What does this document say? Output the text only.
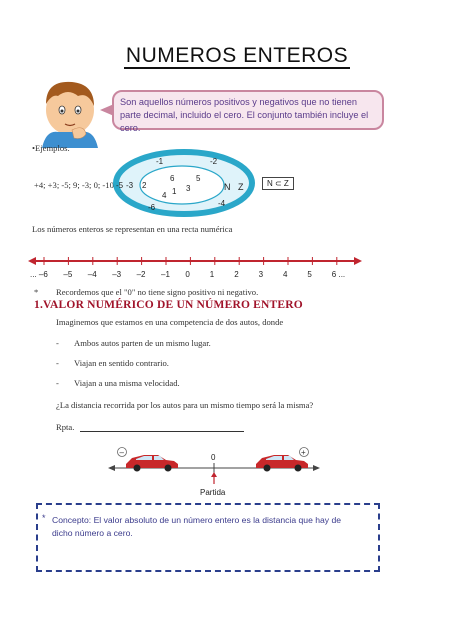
NUMEROS ENTEROS
Son aquellos números positivos y negativos que no tienen parte decimal, incluido el cero. El conjunto también incluye el cero.
•Ejemplos.
+4; +3; -5; 9; -3; 0; -10
-1	-2
-3
-4
-5
-6
6
2
5
3
4 1	N Z	N ⊂ Z
Los números enteros se representan en una recta numérica
... –6 –5 –4 –3 –2 –1 0 1 2 3 4 5 6 ...
* Recordemos que el "0" no tiene signo positivo ni negativo.
1.VALOR NUMÉRICO DE UN NÚMERO ENTERO
Imaginemos que estamos en una competencia de dos autos, donde
- Ambos autos parten de un mismo lugar.
- Viajan en sentido contrario.
- Viajan a una misma velocidad.
¿La distancia recorrida por los autos para un mismo tiempo será la misma?
Rpta.
–	+
0
Partida
* Concepto: El valor absoluto de un número entero es la distancia que hay de
dicho número a cero.
